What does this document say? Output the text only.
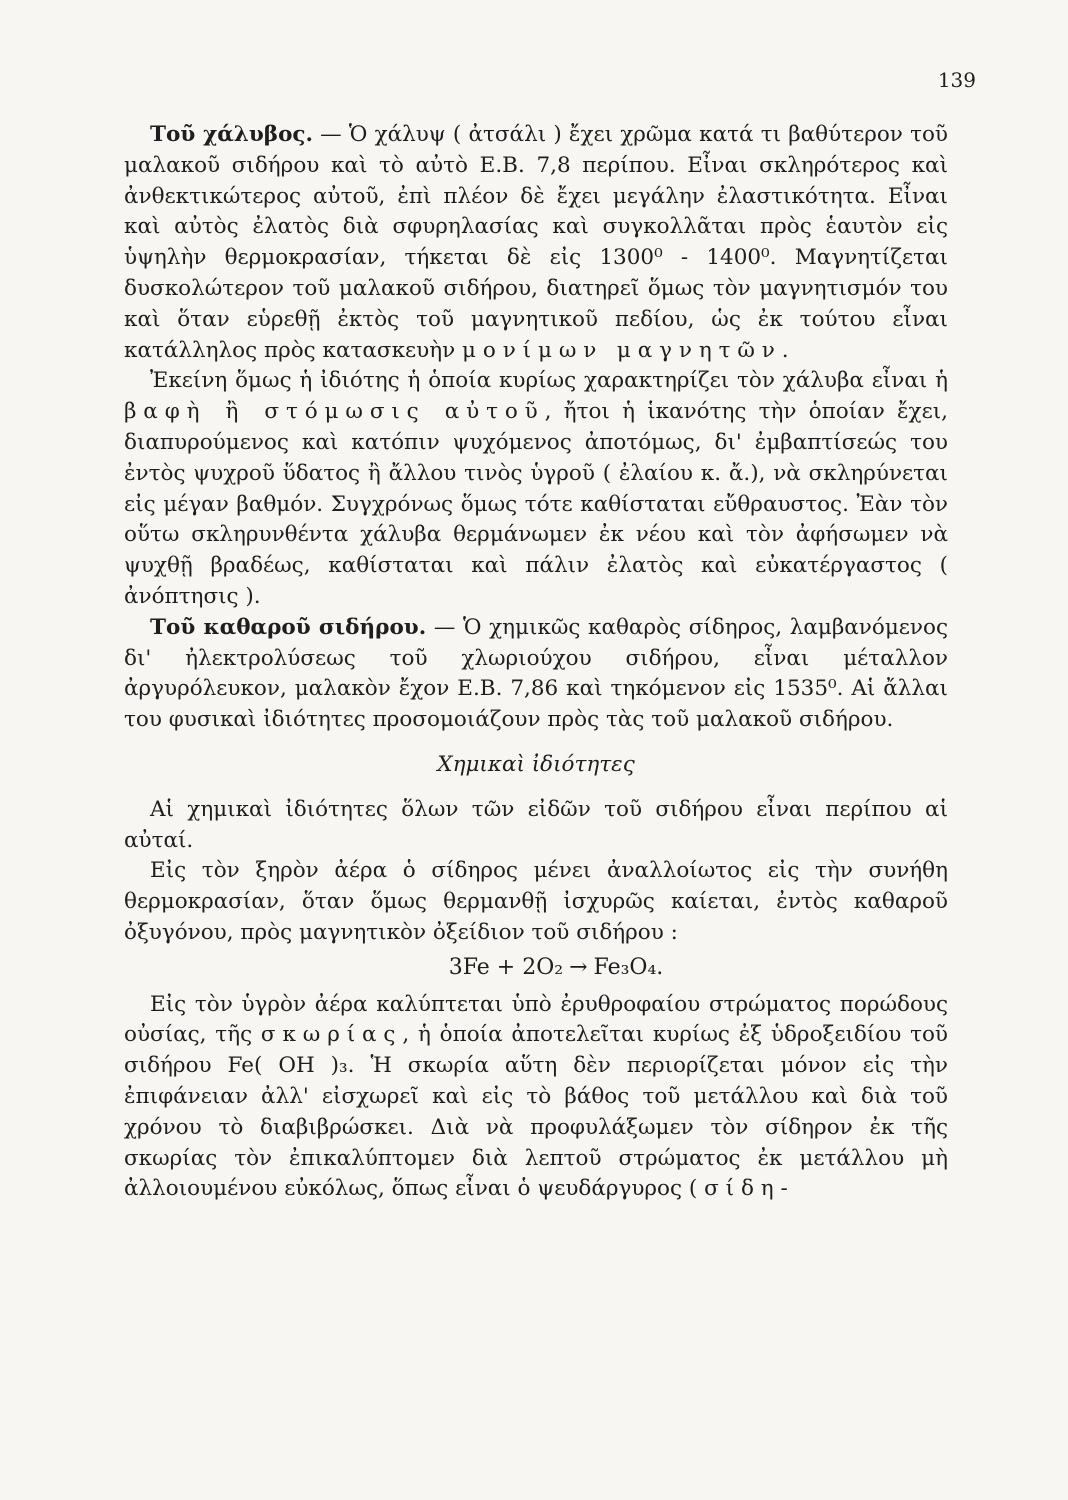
139

Τοῦ χάλυβος. — Ὁ χάλυψ ( ἀτσάλι ) ἔχει χρῶμα κατά τι βαθύτερον τοῦ μαλακοῦ σιδήρου καὶ τὸ αὐτὸ Ε.Β. 7,8 περίπου. Εἶναι σκληρότερος καὶ ἀνθεκτικώτερος αὐτοῦ, ἐπὶ πλέον δὲ ἔχει μεγάλην ἐλαστικότητα. Εἶναι καὶ αὐτὸς ἐλατὸς διὰ σφυρηλασίας καὶ συγκολλᾶται πρὸς ἑαυτὸν εἰς ὑψηλὴν θερμοκρασίαν, τήκεται δὲ εἰς 1300⁰ - 1400⁰. Μαγνητίζεται δυσκολώτερον τοῦ μαλακοῦ σιδήρου, διατηρεῖ ὅμως τὸν μαγνητισμόν του καὶ ὅταν εὑρεθῇ ἐκτὸς τοῦ μαγνητικοῦ πεδίου, ὡς ἐκ τούτου εἶναι κατάλληλος πρὸς κατασκευὴν μονίμων μαγνητῶν.

Ἐκείνη ὅμως ἡ ἰδιότης ἡ ὁποία κυρίως χαρακτηρίζει τὸν χάλυβα εἶναι ἡ βαφὴ ἢ στόμωσις αὐτοῦ, ἤτοι ἡ ἱκανότης τὴν ὁποίαν ἔχει, διαπυρούμενος καὶ κατόπιν ψυχόμενος ἀποτόμως, δι' ἐμβαπτίσεώς του ἐντὸς ψυχροῦ ὕδατος ἢ ἄλλου τινὸς ὑγροῦ ( ἐλαίου κ. ἄ.), νὰ σκληρύνεται εἰς μέγαν βαθμόν. Συγχρόνως ὅμως τότε καθίσταται εὔθραυστος. Ἐὰν τὸν οὕτω σκληρυνθέντα χάλυβα θερμάνωμεν ἐκ νέου καὶ τὸν ἀφήσωμεν νὰ ψυχθῇ βραδέως, καθίσταται καὶ πάλιν ἐλατὸς καὶ εὐκατέργαστος ( ἀνόπτησις ).

Τοῦ καθαροῦ σιδήρου. — Ὁ χημικῶς καθαρὸς σίδηρος, λαμβανόμενος δι' ἠλεκτρολύσεως τοῦ χλωριούχου σιδήρου, εἶναι μέταλλον ἀργυρόλευκον, μαλακὸν ἔχον Ε.Β. 7,86 καὶ τηκόμενον εἰς 1535⁰. Αἱ ἄλλαι του φυσικαὶ ἰδιότητες προσομοιάζουν πρὸς τὰς τοῦ μαλακοῦ σιδήρου.

Χημικαὶ ἰδιότητες

Αἱ χημικαὶ ἰδιότητες ὅλων τῶν εἰδῶν τοῦ σιδήρου εἶναι περίπου αἱ αὐταί.

Εἰς τὸν ξηρὸν ἀέρα ὁ σίδηρος μένει ἀναλλοίωτος εἰς τὴν συνήθη θερμοκρασίαν, ὅταν ὅμως θερμανθῇ ἰσχυρῶς καίεται, ἐντὸς καθαροῦ ὀξυγόνου, πρὸς μαγνητικὸν ὀξείδιον τοῦ σιδήρου :

3Fe + 2O₂ → Fe₃O₄.

Εἰς τὸν ὑγρὸν ἀέρα καλύπτεται ὑπὸ ἐρυθροφαίου στρώματος πορώδους οὐσίας, τῆς σκωρίας, ἡ ὁποία ἀποτελεῖται κυρίως ἐξ ὑδροξειδίου τοῦ σιδήρου Fe( OH )₃. Ἡ σκωρία αὕτη δὲν περιορίζεται μόνον εἰς τὴν ἐπιφάνειαν ἀλλ' εἰσχωρεῖ καὶ εἰς τὸ βάθος τοῦ μετάλλου καὶ διὰ τοῦ χρόνου τὸ διαβιβρώσκει. Διὰ νὰ προφυλάξωμεν τὸν σίδηρον ἐκ τῆς σκωρίας τὸν ἐπικαλύπτομεν διὰ λεπτοῦ στρώματος ἐκ μετάλλου μὴ ἀλλοιουμένου εὐκόλως, ὅπως εἶναι ὁ ψευδάργυρος ( σίδη-
